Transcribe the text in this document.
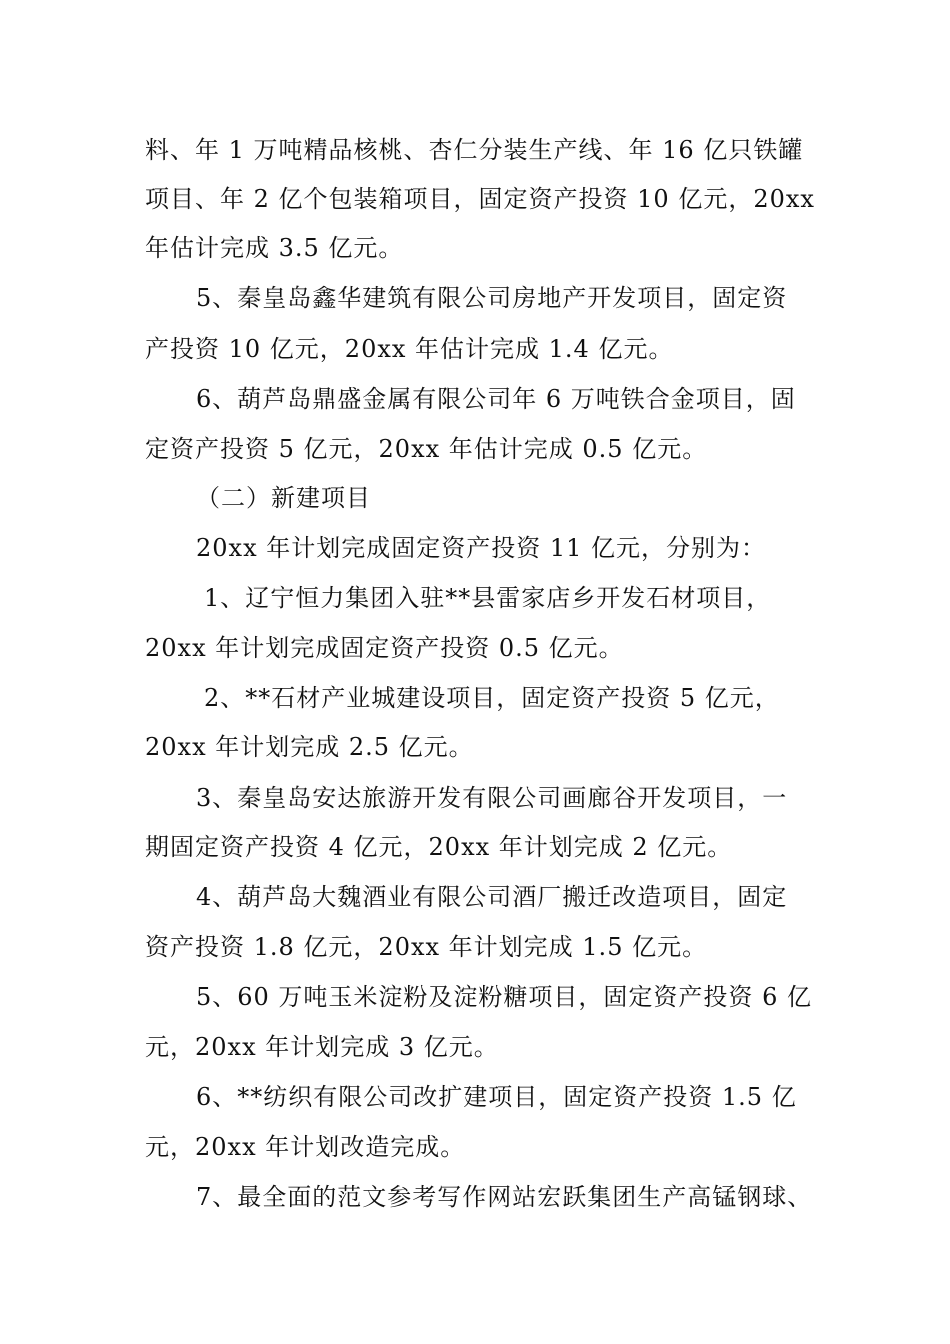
料、年 1 万吨精品核桃、杏仁分装生产线、年 16 亿只铁罐
项目、年 2 亿个包装箱项目，固定资产投资 10 亿元，20xx
年估计完成 3.5 亿元。
5、秦皇岛鑫华建筑有限公司房地产开发项目，固定资
产投资 10 亿元，20xx 年估计完成 1.4 亿元。
6、葫芦岛鼎盛金属有限公司年 6 万吨铁合金项目，固
定资产投资 5 亿元，20xx 年估计完成 0.5 亿元。
（二）新建项目
20xx 年计划完成固定资产投资 11 亿元，分别为：
1、辽宁恒力集团入驻**县雷家店乡开发石材项目，
20xx 年计划完成固定资产投资 0.5 亿元。
2、**石材产业城建设项目，固定资产投资 5 亿元，
20xx 年计划完成 2.5 亿元。
3、秦皇岛安达旅游开发有限公司画廊谷开发项目，一
期固定资产投资 4 亿元，20xx 年计划完成 2 亿元。
4、葫芦岛大魏酒业有限公司酒厂搬迁改造项目，固定
资产投资 1.8 亿元，20xx 年计划完成 1.5 亿元。
5、60 万吨玉米淀粉及淀粉糖项目，固定资产投资 6 亿
元，20xx 年计划完成 3 亿元。
6、**纺织有限公司改扩建项目，固定资产投资 1.5 亿
元，20xx 年计划改造完成。
7、最全面的范文参考写作网站宏跃集团生产高锰钢球、
